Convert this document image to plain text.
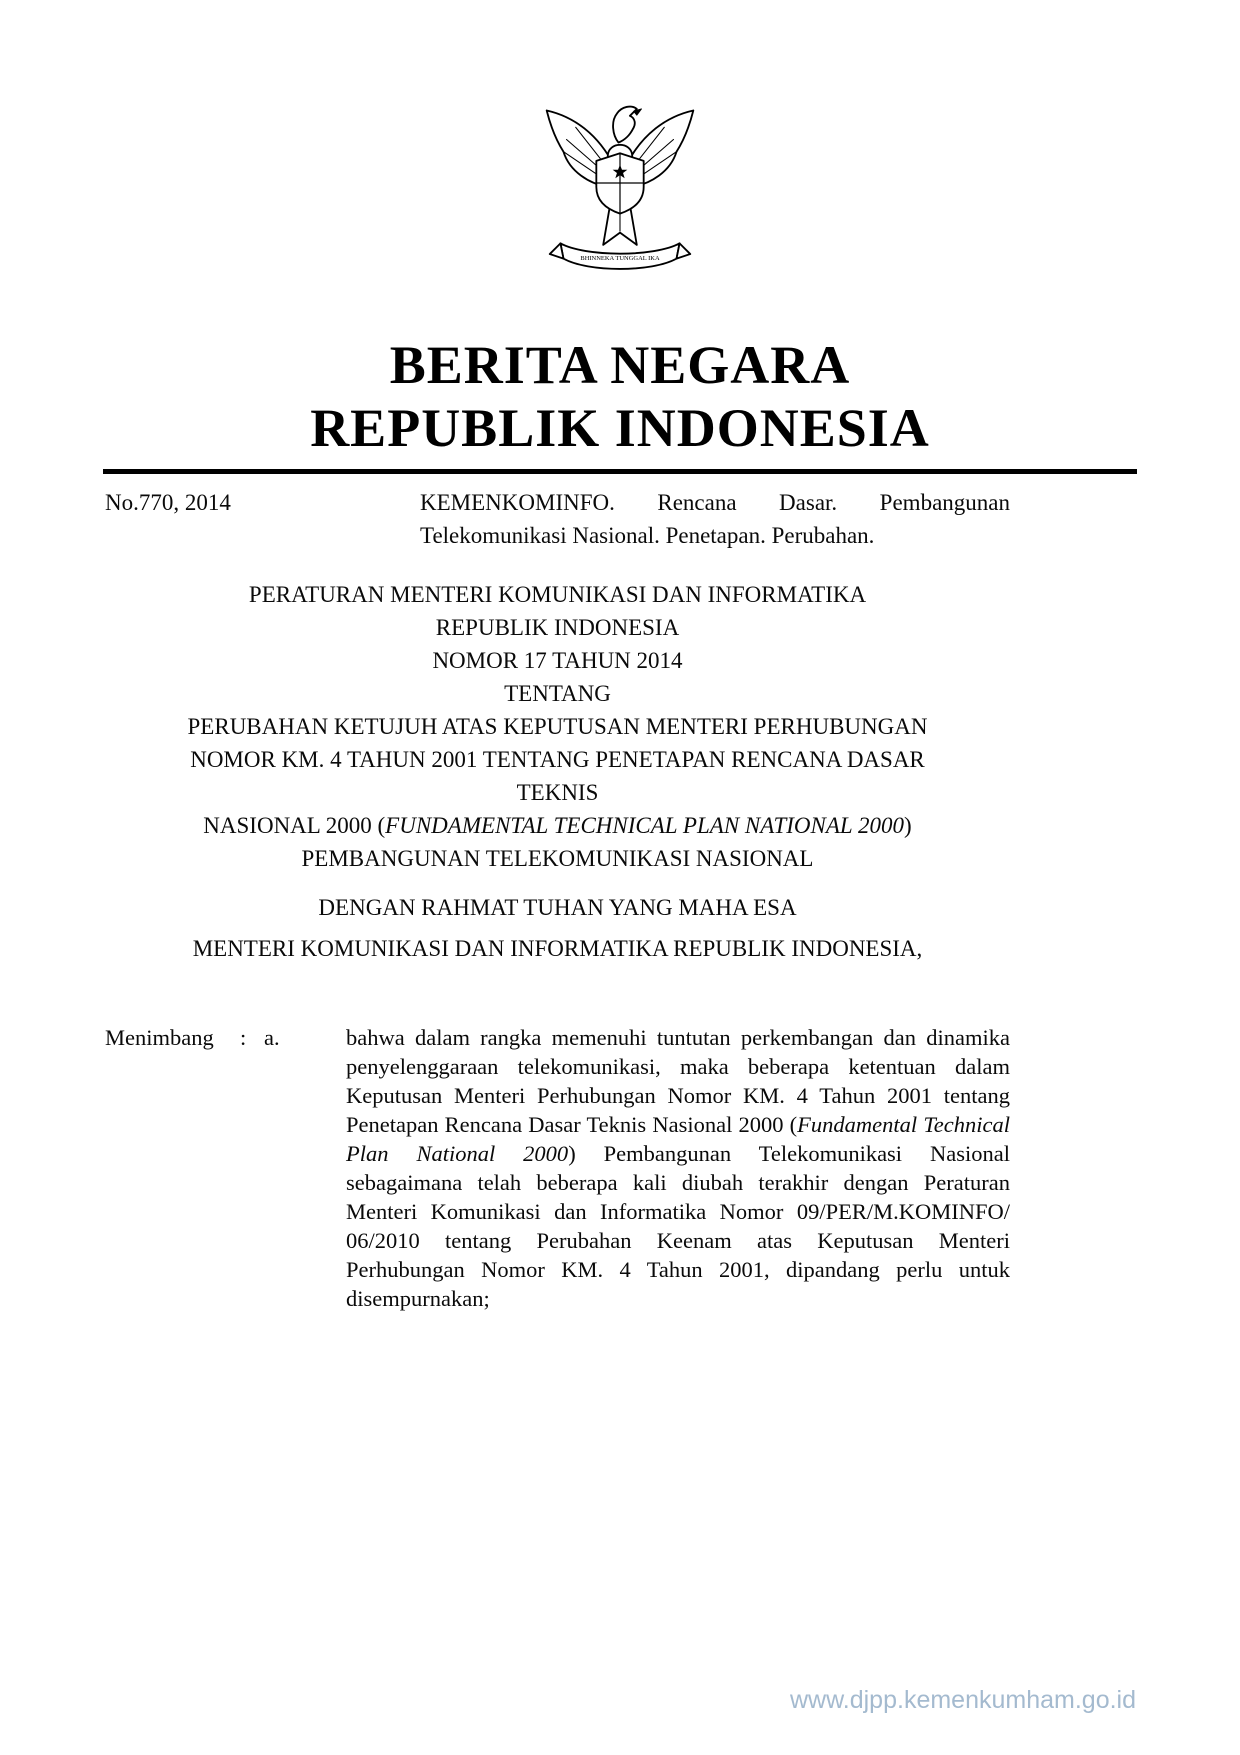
BHINNEKA TUNGGAL IKA
BERITA NEGARA
REPUBLIK INDONESIA
No.770, 2014	KEMENKOMINFO. Rencana Dasar. Pembangunan Telekomunikasi Nasional. Penetapan. Perubahan.
PERATURAN MENTERI KOMUNIKASI DAN INFORMATIKA
REPUBLIK INDONESIA
NOMOR 17 TAHUN 2014
TENTANG
PERUBAHAN KETUJUH ATAS KEPUTUSAN MENTERI PERHUBUNGAN
NOMOR KM. 4 TAHUN 2001 TENTANG PENETAPAN RENCANA DASAR
TEKNIS
NASIONAL 2000 (FUNDAMENTAL TECHNICAL PLAN NATIONAL 2000)
PEMBANGUNAN TELEKOMUNIKASI NASIONAL
DENGAN RAHMAT TUHAN YANG MAHA ESA
MENTERI KOMUNIKASI DAN INFORMATIKA REPUBLIK INDONESIA,
Menimbang	: a.	bahwa dalam rangka memenuhi tuntutan perkembangan dan dinamika penyelenggaraan telekomunikasi, maka beberapa ketentuan dalam Keputusan Menteri Perhubungan Nomor KM. 4 Tahun 2001 tentang Penetapan Rencana Dasar Teknis Nasional 2000 (Fundamental Technical Plan National 2000) Pembangunan Telekomunikasi Nasional sebagaimana telah beberapa kali diubah terakhir dengan Peraturan Menteri Komunikasi dan Informatika Nomor 09/PER/M.KOMINFO/ 06/2010 tentang Perubahan Keenam atas Keputusan Menteri Perhubungan Nomor KM. 4 Tahun 2001, dipandang perlu untuk disempurnakan;
www.djpp.kemenkumham.go.id
